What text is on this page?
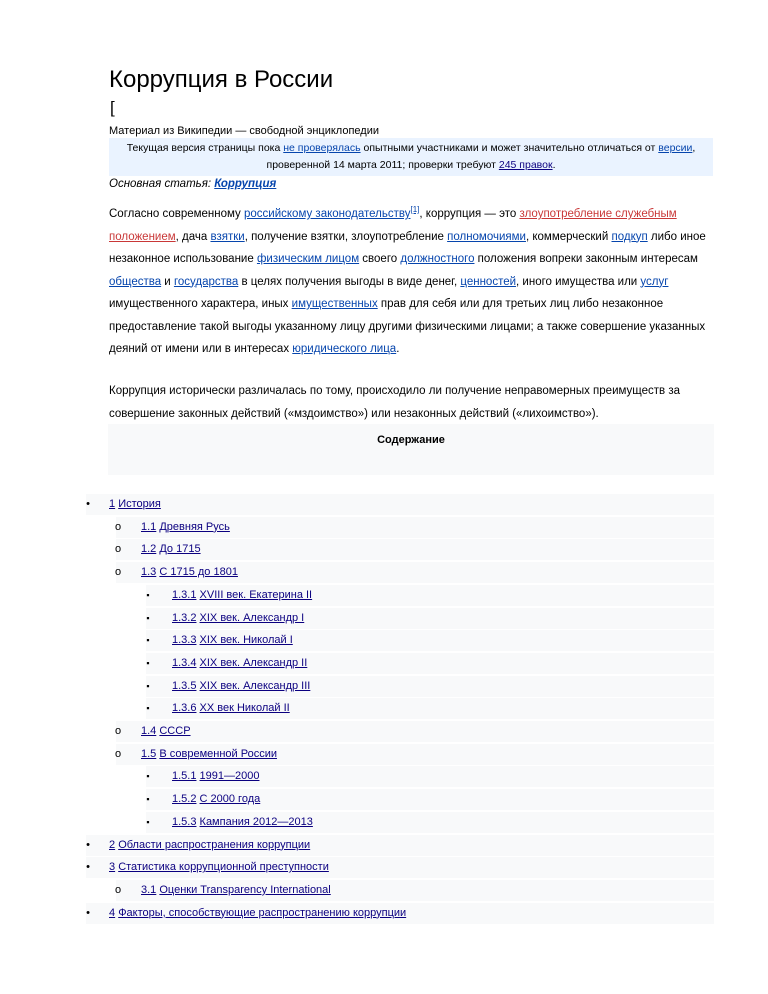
Коррупция в России
[
Материал из Википедии — свободной энциклопедии
Текущая версия страницы пока не проверялась опытными участниками и может значительно отличаться от версии, проверенной 14 марта 2011; проверки требуют 245 правок.
Основная статья: Коррупция

Согласно современному российскому законодательству[1], коррупция — это злоупотребление служебным положением, дача взятки, получение взятки, злоупотребление полномочиями, коммерческий подкуп либо иное незаконное использование физическим лицом своего должностного положения вопреки законным интересам общества и государства в целях получения выгоды в виде денег, ценностей, иного имущества или услуг имущественного характера, иных имущественных прав для себя или для третьих лиц либо незаконное предоставление такой выгоды указанному лицу другими физическими лицами; а также совершение указанных деяний от имени или в интересах юридического лица.

Коррупция исторически различалась по тому, происходило ли получение неправомерных преимуществ за совершение законных действий («мздоимство») или незаконных действий («лихоимство»).

Содержание
• 1 История
o 1.1 Древняя Русь
o 1.2 До 1715
o 1.3 С 1715 до 1801
▪ 1.3.1 XVIII век. Екатерина II
▪ 1.3.2 XIX век. Александр I
▪ 1.3.3 XIX век. Николай I
▪ 1.3.4 XIX век. Александр II
▪ 1.3.5 XIX век. Александр III
▪ 1.3.6 XX век Николай II
o 1.4 СССР
o 1.5 В современной России
▪ 1.5.1 1991—2000
▪ 1.5.2 С 2000 года
▪ 1.5.3 Кампания 2012—2013
• 2 Области распространения коррупции
• 3 Статистика коррупционной преступности
o 3.1 Оценки Transparency International
• 4 Факторы, способствующие распространению коррупции
